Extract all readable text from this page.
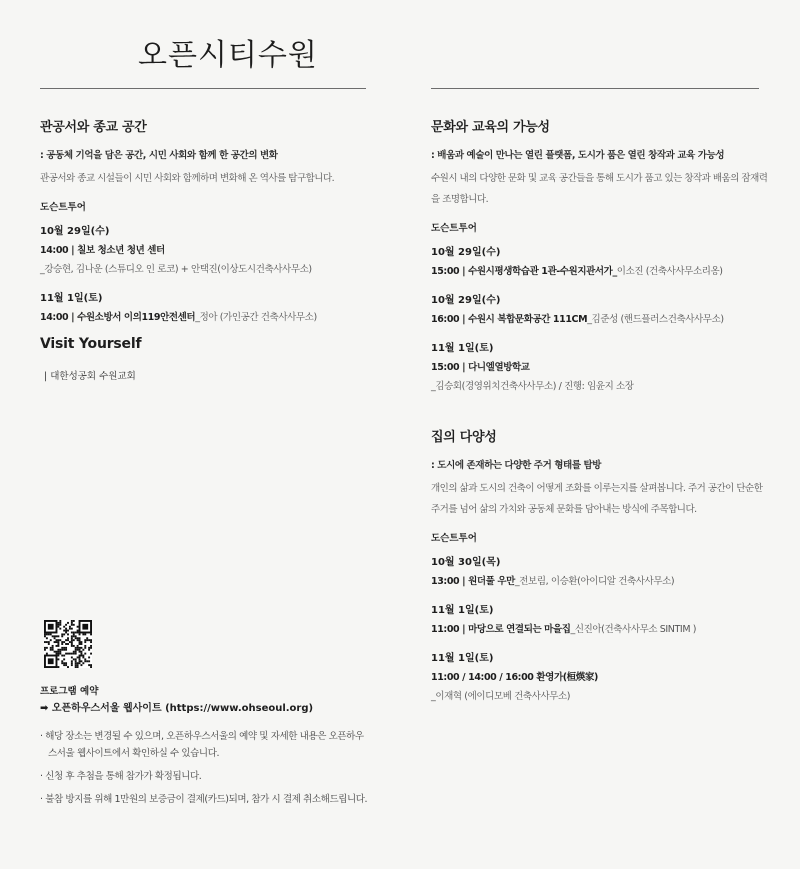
오픈시티수원
관공서와 종교 공간
: 공동체 기억을 담은 공간, 시민 사회와 함께 한 공간의 변화
관공서와 종교 시설들이 시민 사회와 함께하며 변화해 온 역사를 탐구합니다.
도슨트투어
10월 29일(수)
14:00 | 칠보 청소년 청년 센터
_강승현, 김나운 (스튜디오 인 로코) + 안택진(이상도시건축사사무소)
11월 1일(토)
14:00 | 수원소방서 이의119안전센터_정아 (가인공간 건축사사무소)
Visit Yourself
| 대한성공회 수원교회
프로그램 예약
➡ 오픈하우스서울 웹사이트 (https://www.ohseoul.org)
· 해당 장소는 변경될 수 있으며, 오픈하우스서울의 예약 및 자세한 내용은 오픈하우스서울 웹사이트에서 확인하실 수 있습니다.
· 신청 후 추첨을 통해 참가가 확정됩니다.
· 불참 방지를 위해 1만원의 보증금이 결제(카드)되며, 참가 시 결제 취소해드립니다.
문화와 교육의 가능성
: 배움과 예술이 만나는 열린 플랫폼, 도시가 품은 열린 창작과 교육 가능성
수원시 내의 다양한 문화 및 교육 공간들을 통해 도시가 품고 있는 창작과 배움의 잠재력을 조명합니다.
도슨트투어
10월 29일(수)
15:00 | 수원시평생학습관 1관-수원지관서가_이소진 (건축사사무소리옹)
10월 29일(수)
16:00 | 수원시 복합문화공간 111CM_김준성 (핸드플러스건축사사무소)
11월 1일(토)
15:00 | 다니엘열방학교
_김승회(경영위치건축사사무소) / 진행: 임윤지 소장
집의 다양성
: 도시에 존재하는 다양한 주거 형태를 탐방
개인의 삶과 도시의 건축이 어떻게 조화를 이루는지를 살펴봅니다. 주거 공간이 단순한 주거를 넘어 삶의 가치와 공동체 문화를 담아내는 방식에 주목합니다.
도슨트투어
10월 30일(목)
13:00 | 원더풀 우만_전보림, 이승환(아이디알 건축사사무소)
11월 1일(토)
11:00 | 마당으로 연결되는 마을집_신진아(건축사사무소 SINTIM )
11월 1일(토)
11:00 / 14:00 / 16:00 환영가(桓煐家)
_이재혁 (에이디모베 건축사사무소)
